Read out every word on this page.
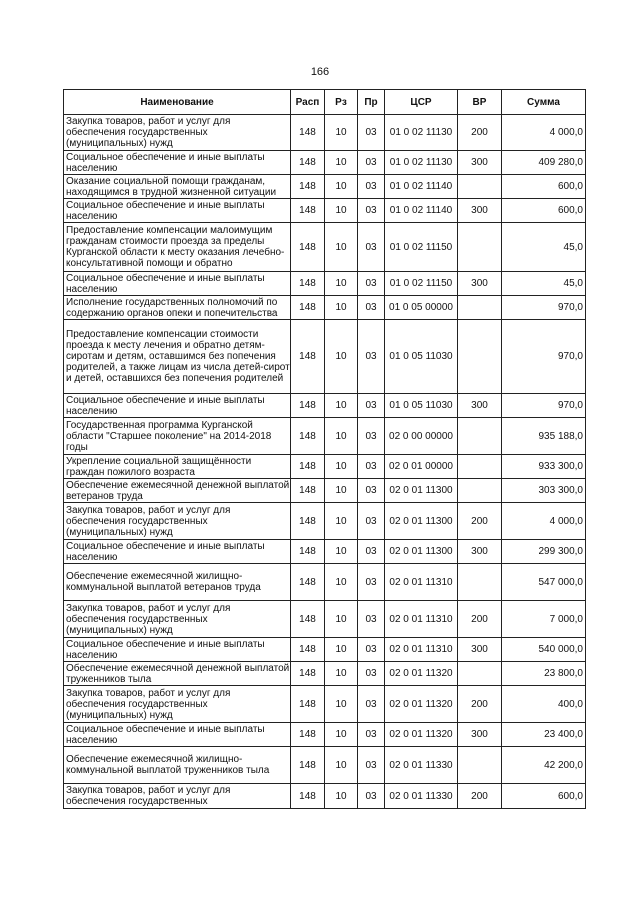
166
Наименование	Расп	Рз	Пр	ЦСР	ВР	Сумма
Закупка товаров, работ и услуг для обеспечения государственных (муниципальных) нужд	148	10	03	01 0 02 11130	200	4 000,0
Социальное обеспечение и иные выплаты населению	148	10	03	01 0 02 11130	300	409 280,0
Оказание социальной помощи гражданам, находящимся в трудной жизненной ситуации	148	10	03	01 0 02 11140		600,0
Социальное обеспечение и иные выплаты населению	148	10	03	01 0 02 11140	300	600,0
Предоставление компенсации малоимущим гражданам стоимости проезда за пределы Курганской области к месту оказания лечебно-консультативной помощи и обратно	148	10	03	01 0 02 11150		45,0
Социальное обеспечение и иные выплаты населению	148	10	03	01 0 02 11150	300	45,0
Исполнение государственных полномочий по содержанию органов опеки и попечительства	148	10	03	01 0 05 00000		970,0
Предоставление компенсации стоимости проезда к месту лечения и обратно детям-сиротам и детям, оставшимся без попечения родителей, а также лицам из числа детей-сирот и детей, оставшихся без попечения родителей	148	10	03	01 0 05 11030		970,0
Социальное обеспечение и иные выплаты населению	148	10	03	01 0 05 11030	300	970,0
Государственная программа Курганской области "Старшее поколение" на 2014-2018 годы	148	10	03	02 0 00 00000		935 188,0
Укрепление социальной защищённости граждан пожилого возраста	148	10	03	02 0 01 00000		933 300,0
Обеспечение ежемесячной денежной выплатой ветеранов труда	148	10	03	02 0 01 11300		303 300,0
Закупка товаров, работ и услуг для обеспечения государственных (муниципальных) нужд	148	10	03	02 0 01 11300	200	4 000,0
Социальное обеспечение и иные выплаты населению	148	10	03	02 0 01 11300	300	299 300,0
Обеспечение ежемесячной жилищно-коммунальной выплатой ветеранов труда	148	10	03	02 0 01 11310		547 000,0
Закупка товаров, работ и услуг для обеспечения государственных (муниципальных) нужд	148	10	03	02 0 01 11310	200	7 000,0
Социальное обеспечение и иные выплаты населению	148	10	03	02 0 01 11310	300	540 000,0
Обеспечение ежемесячной денежной выплатой труженников тыла	148	10	03	02 0 01 11320		23 800,0
Закупка товаров, работ и услуг для обеспечения государственных (муниципальных) нужд	148	10	03	02 0 01 11320	200	400,0
Социальное обеспечение и иные выплаты населению	148	10	03	02 0 01 11320	300	23 400,0
Обеспечение ежемесячной жилищно-коммунальной выплатой труженников тыла	148	10	03	02 0 01 11330		42 200,0
Закупка товаров, работ и услуг для обеспечения государственных	148	10	03	02 0 01 11330	200	600,0
